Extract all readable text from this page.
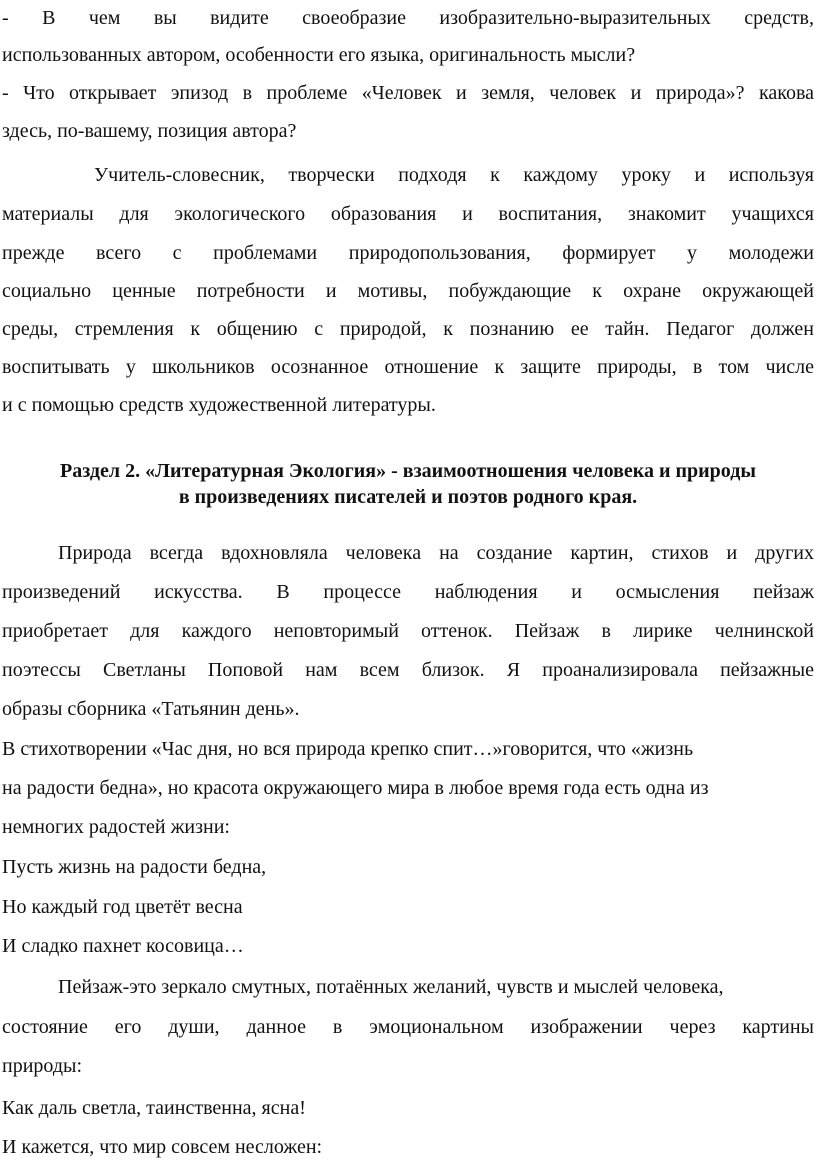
- В чем вы видите своеобразие изобразительно-выразительных средств,
использованных автором, особенности его языка, оригинальность мысли?
- Что открывает эпизод в проблеме «Человек и земля, человек и природа»? какова
здесь, по-вашему, позиция автора?
Учитель-словесник, творчески подходя к каждому уроку и используя
материалы для экологического образования и воспитания, знакомит учащихся
прежде всего с проблемами природопользования, формирует у молодежи
социально ценные потребности и мотивы, побуждающие к охране окружающей
среды, стремления к общению с природой, к познанию ее тайн. Педагог должен
воспитывать у школьников осознанное отношение к защите природы, в том числе
и с помощью средств художественной литературы.
Раздел 2. «Литературная Экология» - взаимоотношения человека и природы
в произведениях писателей и поэтов родного края.
Природа всегда вдохновляла человека на создание картин, стихов и других
произведений искусства. В процессе наблюдения и осмысления пейзаж
приобретает для каждого неповторимый оттенок. Пейзаж в лирике челнинской
поэтессы Светланы Поповой нам всем близок. Я проанализировала пейзажные
образы сборника «Татьянин день».
В стихотворении «Час дня, но вся природа крепко спит…»говорится, что «жизнь
на радости бедна», но красота окружающего мира в любое время года есть одна из
немногих радостей жизни:
Пусть жизнь на радости бедна,
Но каждый год цветёт весна
И сладко пахнет косовица…
Пейзаж-это зеркало смутных, потаённых желаний, чувств и мыслей человека,
состояние его души, данное в эмоциональном изображении через картины
природы:
Как даль светла, таинственна, ясна!
И кажется, что мир совсем несложен:
